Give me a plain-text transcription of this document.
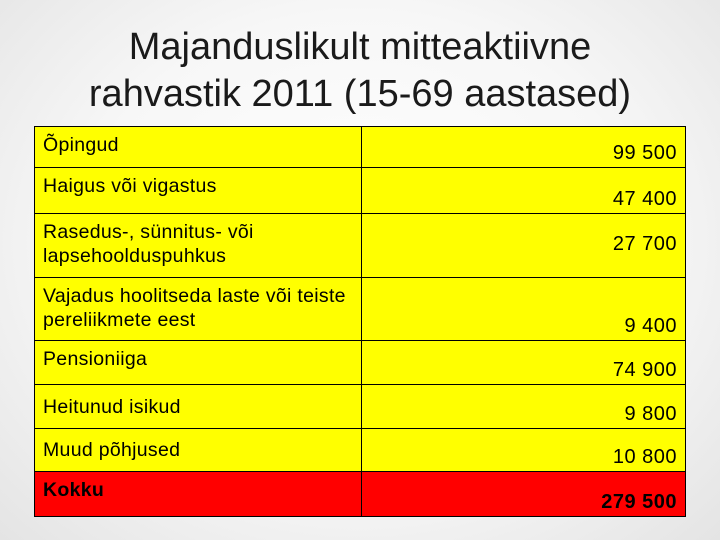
Majanduslikult mitteaktiivne
rahvastik 2011 (15-69 aastased)
Õpingud	99 500
Haigus või vigastus	47 400
Rasedus-, sünnitus- või lapsehoolduspuhkus	27 700
Vajadus hoolitseda laste või teiste pereliikmete eest	9 400
Pensioniiga	74 900
Heitunud isikud	9 800
Muud põhjused	10 800
Kokku	279 500
